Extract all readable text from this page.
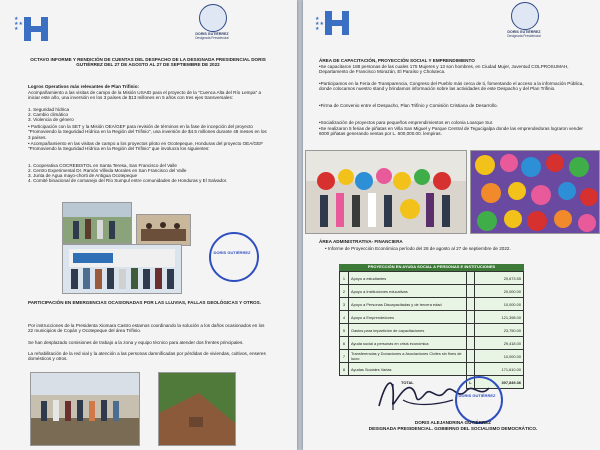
★
★★
★
DORIS GUTIÉRREZ
Designada Presidencial
OCTAVO INFORME Y RENDICIÓN DE CUENTAS DEL DESPACHO DE LA DESIGNADA PRESIDENCIAL DORIS GUTIÉRREZ DEL 27 DE AGOSTO AL 27 DE SEPTIEMBRE DE 2022
Logros Operativos más relevantes de Plan Trifinio:
Acompañamiento a las visitas de campo de la Misión USAID para el proyecto de la "Cuenca Alta del Río Lempa" a iniciar este año, una inversión en los 3 países de $13 millones en 5 años con tres ejes transversales:
1. Seguridad hídrica
2. Cambio climático
3. Violencia de género
• Participación con la SET y la Misión OEA/GEF para revisión de términos en la fase de incepción del proyecto "Promoviendo la Seguridad Hídrica en la Región del Trifinio", una inversión de $4.5 millones durante 48 meses en los 3 países.
• Acompañamiento en las visitas de campo a los proyectos piloto en Ocotepeque, Honduras del proyecto OEA/GEF "Promoviendo la Seguridad Hídrica en la Región del Trifinio" que involucra los siguientes:
1. Cooperativa COCREBISTOL en Santa Teresa, San Francisco del Valle
2. Centro Experimental Dr. Ramón Villeda Morales en San Francisco del Valle
3. Junta de Agua mayo-chorti de Antigua Ocotepeque
4. Comité binacional de comanejo del Río Sumpul entre comunidades de Honduras y El Salvador.
DORIS GUTIÉRREZ
PARTICIPACIÓN EN EMERGENCIAS OCASIONADAS POR LAS LLUVIAS, FALLAS GEOLÓGICAS Y OTROS.
Por instrucciones de la Presidenta Xiomara Castro estamos coordinando la solución a los daños ocasionados en los 22 municipios de Copán y Ocotepeque del área Trifinio.
Se han desplazado comisiones de trabajo a la zona y equipo técnico para atender dos frentes principales.
La rehabilitación de la red vial y la atención a las personas damnificadas por pérdidas de viviendas, cultivos, enseres domésticos y otros.
★
★★
★	DORIS GUTIÉRREZ
Designada Presidencial
ÁREA DE CAPACITACIÓN, PROYECCIÓN SOCIAL Y EMPRENDIMIENTO
•Se capacitaron 188 personas de las cuales 175 Mujeres y 13 son hombres, en Ciudad Mujer, Juventud COLPROSUMAH, Departamento de Francisco Morazán, El Paraíso y Choluteca.
•Participamos en la Feria de Transparencia, Congreso del Pueblo más cerca de ti, fomentando el acceso a la información Pública, donde colocamos nuestro stand y brindamos información sobre las actividades de este Despacho y del Plan Trifinio.
•Firma de Convenio entre el Despacho, Plan Trifinio y Comisión Cristiana de Desarrollo.
•Socialización de proyectos para pequeños emprendimientos en colonia Loarque Sur.
•Se realizaron 5 ferias de piñatas en Villa San Miguel y Parque Central de Tegucigalpa donde las emprendedoras lograron vender 6000 piñatas generando ventas por L. 600,000.00. lempiras.
ÁREA ADMINISTRATIVA- FINANCIERA
• Informe de Proyección Económica período del 28 de agosto al 27 de septiembre de 2022.
PROYECCIÓN EN AYUDA SOCIAL A PERSONAS E INSTITUCIONES
1	Apoyo a estudiantes		20,673.55
2	Apoyo a Instituciones educativas		20,000.00
3	Apoyo a Personas Discapacitadas y de tercera edad		10,000.00
4	Apoyo a Emprendedores		121,398.00
5	Gastos para impartición de capacitaciones		23,750.00
6	Ayuda social a personas en crisis económica		29,418.00
7	Transferencias y Donaciones a Asociaciones Civiles sin fines de lucro		10,000.00
8	Ayudas Sociales Varias		171,610.00
	TOTAL	L	397,849.36
DORIS GUTIÉRREZ
DORIS ALEJANDRINA GUTIÉRREZ
DESIGNADA PRESIDENCIAL. GOBIERNO DEL SOCIALISMO DEMOCRÁTICO.
